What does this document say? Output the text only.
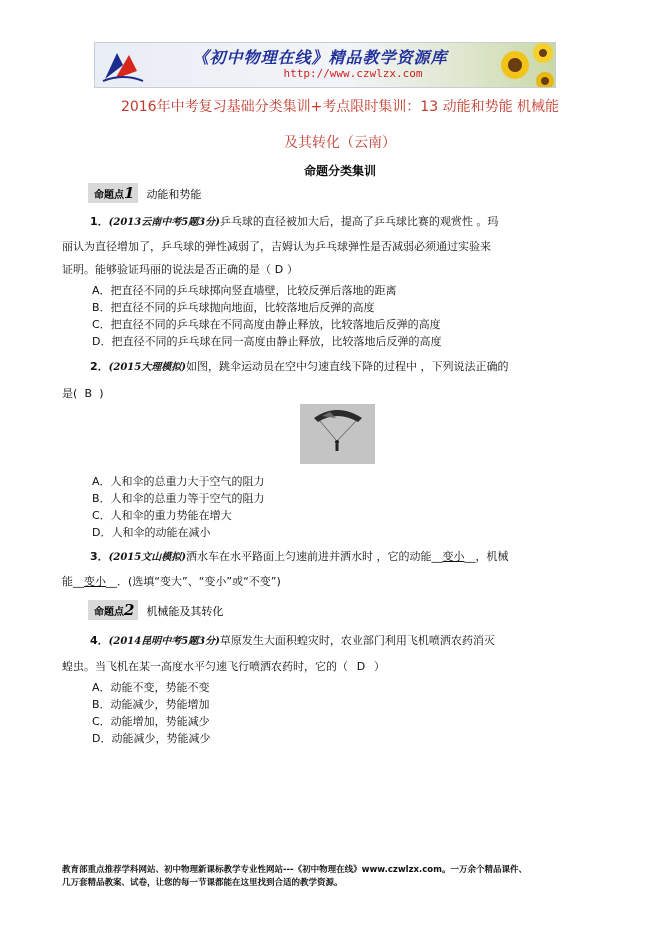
《初中物理在线》精品教学资源库
http://www.czwlzx.com
2016年中考复习基础分类集训+考点限时集训：13 动能和势能 机械能
及其转化（云南）
命题分类集训
命题点1 动能和势能
1．(2013云南中考5题3分)乒乓球的直径被加大后，提高了乒乓球比赛的观赏性 。玛
丽认为直径增加了，乒乓球的弹性减弱了，吉姆认为乒乓球弹性是否减弱必须通过实验来
证明。能够验证玛丽的说法是否正确的是（ D ）
A．把直径不同的乒乓球掷向竖直墙壁，比较反弹后落地的距离
B．把直径不同的乒乓球抛向地面，比较落地后反弹的高度
C．把直径不同的乒乓球在不同高度由静止释放，比较落地后反弹的高度
D．把直径不同的乒乓球在同一高度由静止释放，比较落地后反弹的高度
2．(2015大理模拟)如图，跳伞运动员在空中匀速直线下降的过程中 ，下列说法正确的
是( B )
A．人和伞的总重力大于空气的阻力
B．人和伞的总重力等于空气的阻力
C．人和伞的重力势能在增大
D．人和伞的动能在减小
3．(2015文山模拟)洒水车在水平路面上匀速前进并洒水时 ，它的动能__变小__，机械
能__变小__．(选填“变大”、“变小”或“不变”)
命题点2 机械能及其转化
4．(2014昆明中考5题3分)草原发生大面积蝗灾时，农业部门利用飞机喷洒农药消灭
蝗虫。当飞机在某一高度水平匀速飞行喷洒农药时，它的（ D ）
A．动能不变，势能不变
B．动能减少，势能增加
C．动能增加，势能减少
D．动能减少，势能减少
教育部重点推荐学科网站、初中物理新课标教学专业性网站---《初中物理在线》www.czwlzx.com。一万余个精品课件、
几万套精品教案、试卷，让您的每一节课都能在这里找到合适的教学资源。
